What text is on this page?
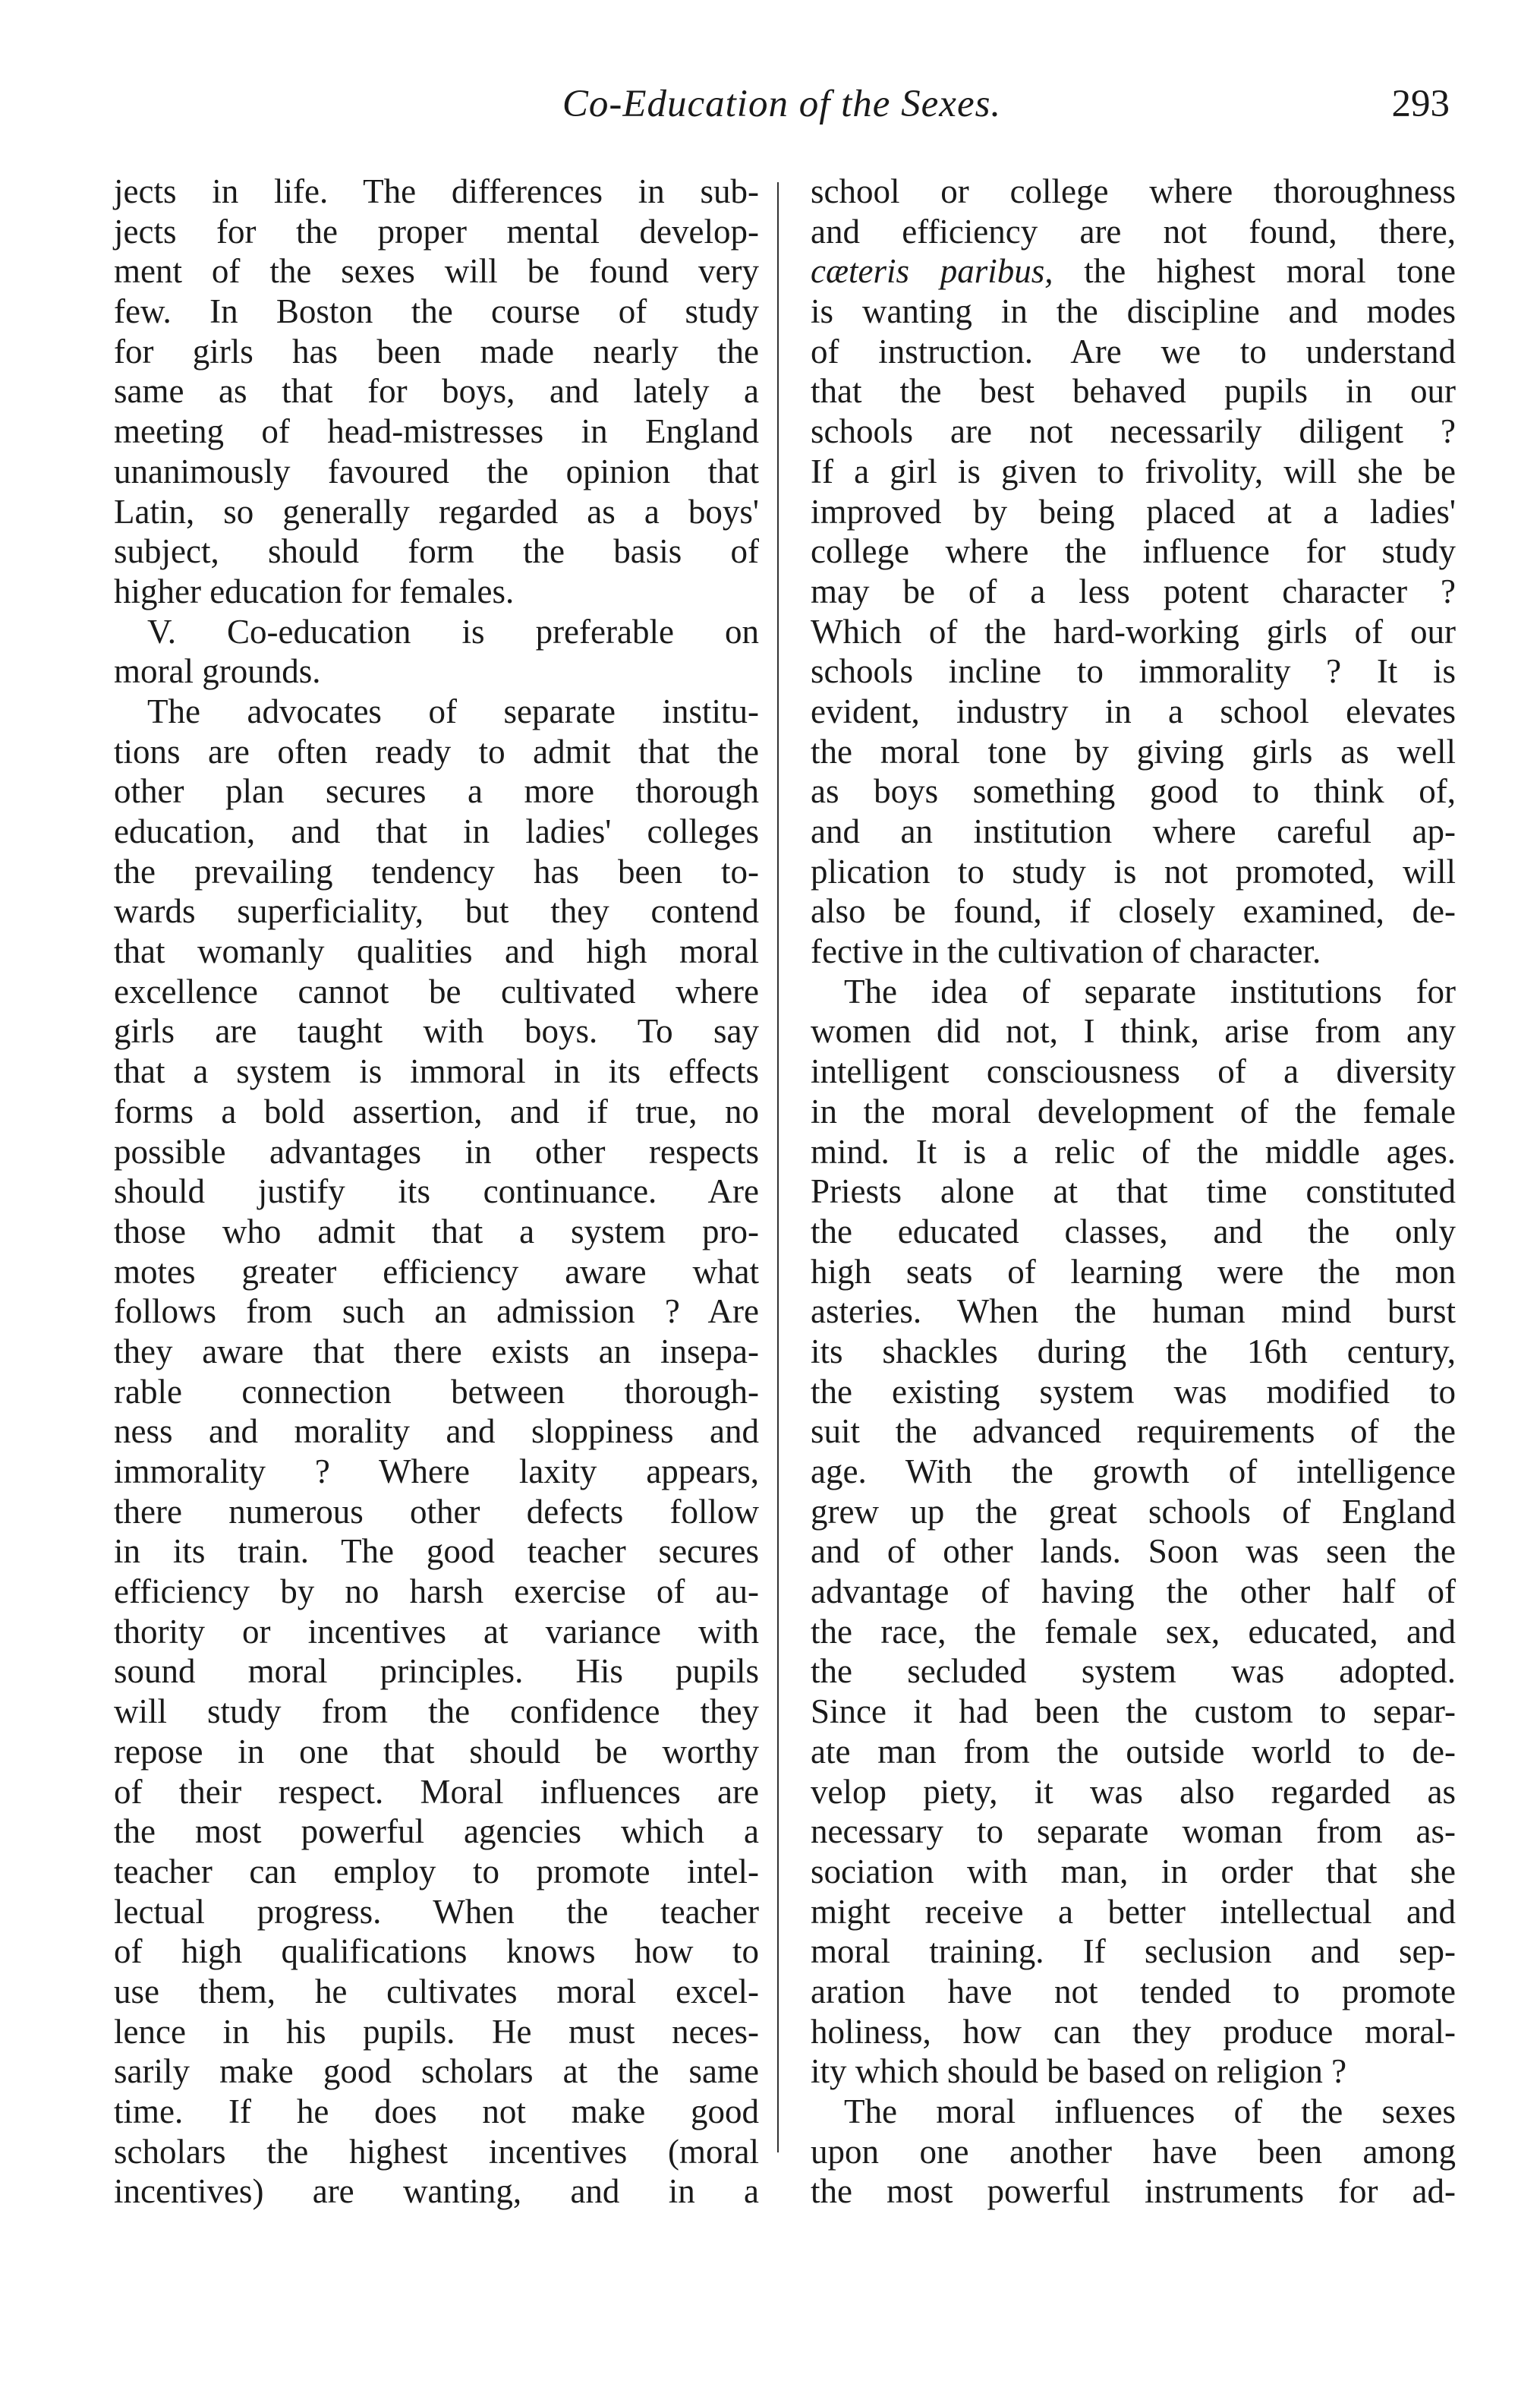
Co-Education of the Sexes.	293
jects in life. The differences in sub-
jects for the proper mental develop-
ment of the sexes will be found very
few. In Boston the course of study
for girls has been made nearly the
same as that for boys, and lately a
meeting of head-mistresses in England
unanimously favoured the opinion that
Latin, so generally regarded as a boys'
subject, should form the basis of
higher education for females.
V. Co-education is preferable on
moral grounds.
The advocates of separate institu-
tions are often ready to admit that the
other plan secures a more thorough
education, and that in ladies' colleges
the prevailing tendency has been to-
wards superficiality, but they contend
that womanly qualities and high moral
excellence cannot be cultivated where
girls are taught with boys. To say
that a system is immoral in its effects
forms a bold assertion, and if true, no
possible advantages in other respects
should justify its continuance. Are
those who admit that a system pro-
motes greater efficiency aware what
follows from such an admission ? Are
they aware that there exists an insepa-
rable connection between thorough-
ness and morality and sloppiness and
immorality ? Where laxity appears,
there numerous other defects follow
in its train. The good teacher secures
efficiency by no harsh exercise of au-
thority or incentives at variance with
sound moral principles. His pupils
will study from the confidence they
repose in one that should be worthy
of their respect. Moral influences are
the most powerful agencies which a
teacher can employ to promote intel-
lectual progress. When the teacher
of high qualifications knows how to
use them, he cultivates moral excel-
lence in his pupils. He must neces-
sarily make good scholars at the same
time. If he does not make good
scholars the highest incentives (moral
incentives) are wanting, and in a
school or college where thoroughness
and efficiency are not found, there,
cæteris paribus, the highest moral tone
is wanting in the discipline and modes
of instruction. Are we to understand
that the best behaved pupils in our
schools are not necessarily diligent ?
If a girl is given to frivolity, will she be
improved by being placed at a ladies'
college where the influence for study
may be of a less potent character ?
Which of the hard-working girls of our
schools incline to immorality ? It is
evident, industry in a school elevates
the moral tone by giving girls as well
as boys something good to think of,
and an institution where careful ap-
plication to study is not promoted, will
also be found, if closely examined, de-
fective in the cultivation of character.
The idea of separate institutions for
women did not, I think, arise from any
intelligent consciousness of a diversity
in the moral development of the female
mind. It is a relic of the middle ages.
Priests alone at that time constituted
the educated classes, and the only
high seats of learning were the mon
asteries. When the human mind burst
its shackles during the 16th century,
the existing system was modified to
suit the advanced requirements of the
age. With the growth of intelligence
grew up the great schools of England
and of other lands. Soon was seen the
advantage of having the other half of
the race, the female sex, educated, and
the secluded system was adopted.
Since it had been the custom to separ-
ate man from the outside world to de-
velop piety, it was also regarded as
necessary to separate woman from as-
sociation with man, in order that she
might receive a better intellectual and
moral training. If seclusion and sep-
aration have not tended to promote
holiness, how can they produce moral-
ity which should be based on religion ?
The moral influences of the sexes
upon one another have been among
the most powerful instruments for ad-
